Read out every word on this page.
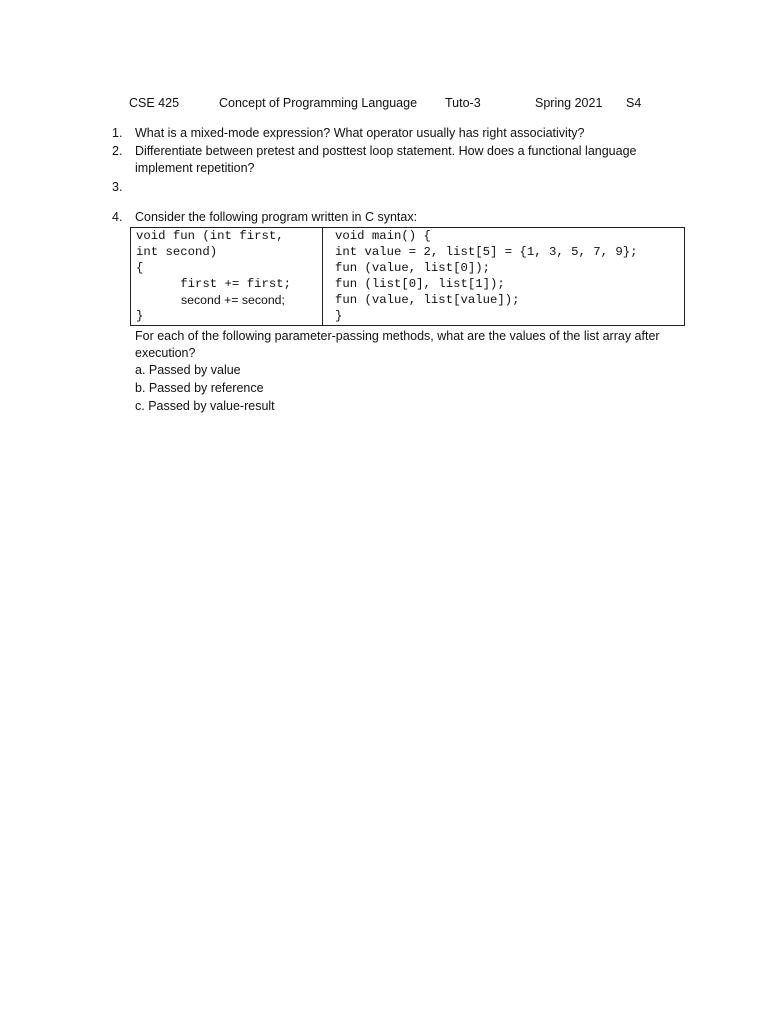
CSE 425	Concept of Programming Language Tuto-3	Spring 2021 S4
1.	What is a mixed-mode expression? What operator usually has right associativity?
2.	Differentiate between pretest and posttest loop statement. How does a functional language implement repetition?
3.
4.	Consider the following program written in C syntax:
void fun (int first,
int second)
{
first += first;
second += second;
}
void main() {
int value = 2, list[5] = {1, 3, 5, 7, 9};
fun (value, list[0]);
fun (list[0], list[1]);
fun (value, list[value]);
}
For each of the following parameter-passing methods, what are the values of the list array after execution?
a. Passed by value
b. Passed by reference
c. Passed by value-result
